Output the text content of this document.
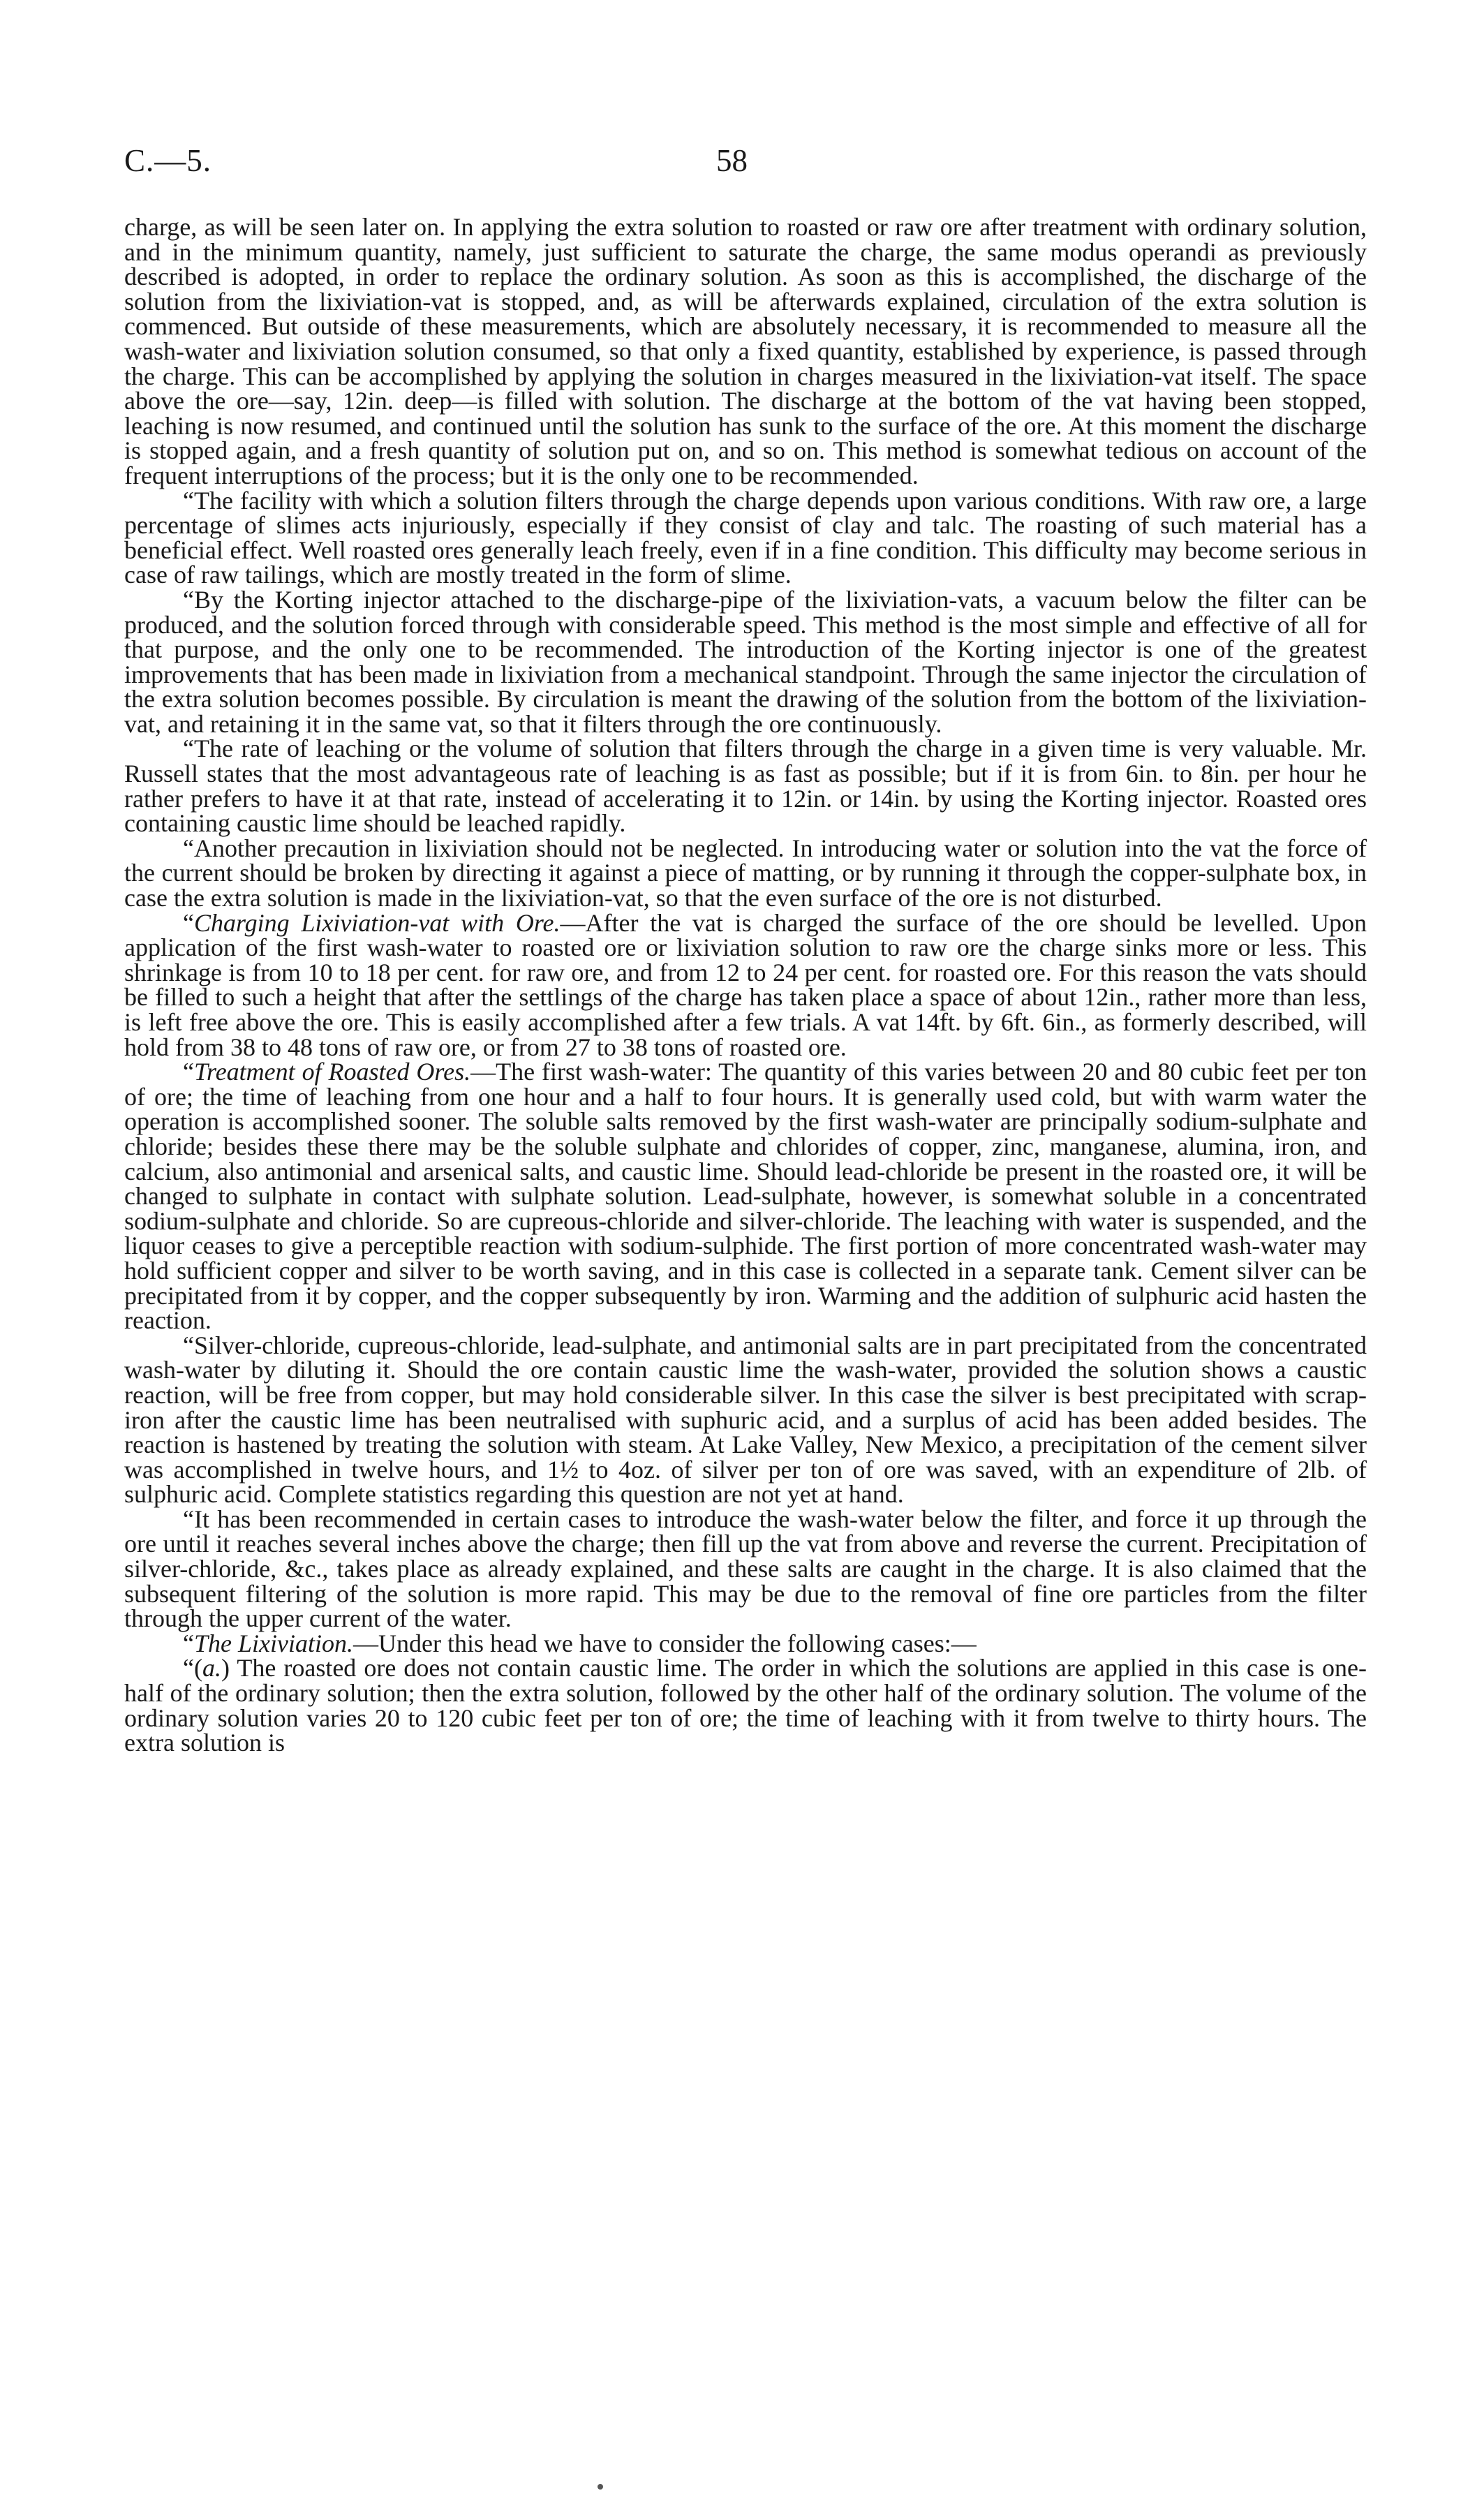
C.—5.	58

charge, as will be seen later on. In applying the extra solution to roasted or raw ore after treatment with ordinary solution, and in the minimum quantity, namely, just sufficient to saturate the charge, the same modus operandi as previously described is adopted, in order to replace the ordinary solution. As soon as this is accomplished, the discharge of the solution from the lixiviation-vat is stopped, and, as will be afterwards explained, circulation of the extra solution is commenced. But outside of these measurements, which are absolutely necessary, it is recommended to measure all the wash-water and lixiviation solution consumed, so that only a fixed quantity, established by experience, is passed through the charge. This can be accomplished by applying the solution in charges measured in the lixiviation-vat itself. The space above the ore—say, 12in. deep—is filled with solution. The discharge at the bottom of the vat having been stopped, leaching is now resumed, and continued until the solution has sunk to the surface of the ore. At this moment the discharge is stopped again, and a fresh quantity of solution put on, and so on. This method is somewhat tedious on account of the frequent interruptions of the process; but it is the only one to be recommended.

“The facility with which a solution filters through the charge depends upon various conditions. With raw ore, a large percentage of slimes acts injuriously, especially if they consist of clay and talc. The roasting of such material has a beneficial effect. Well roasted ores generally leach freely, even if in a fine condition. This difficulty may become serious in case of raw tailings, which are mostly treated in the form of slime.

“By the Korting injector attached to the discharge-pipe of the lixiviation-vats, a vacuum below the filter can be produced, and the solution forced through with considerable speed. This method is the most simple and effective of all for that purpose, and the only one to be recommended. The introduction of the Korting injector is one of the greatest improvements that has been made in lixiviation from a mechanical standpoint. Through the same injector the circulation of the extra solution becomes possible. By circulation is meant the drawing of the solution from the bottom of the lixiviation-vat, and retaining it in the same vat, so that it filters through the ore continuously.

“The rate of leaching or the volume of solution that filters through the charge in a given time is very valuable. Mr. Russell states that the most advantageous rate of leaching is as fast as possible; but if it is from 6in. to 8in. per hour he rather prefers to have it at that rate, instead of accelerating it to 12in. or 14in. by using the Korting injector. Roasted ores containing caustic lime should be leached rapidly.

“Another precaution in lixiviation should not be neglected. In introducing water or solution into the vat the force of the current should be broken by directing it against a piece of matting, or by running it through the copper-sulphate box, in case the extra solution is made in the lixiviation-vat, so that the even surface of the ore is not disturbed.

“Charging Lixiviation-vat with Ore.—After the vat is charged the surface of the ore should be levelled. Upon application of the first wash-water to roasted ore or lixiviation solution to raw ore the charge sinks more or less. This shrinkage is from 10 to 18 per cent. for raw ore, and from 12 to 24 per cent. for roasted ore. For this reason the vats should be filled to such a height that after the settlings of the charge has taken place a space of about 12in., rather more than less, is left free above the ore. This is easily accomplished after a few trials. A vat 14ft. by 6ft. 6in., as formerly described, will hold from 38 to 48 tons of raw ore, or from 27 to 38 tons of roasted ore.

“Treatment of Roasted Ores.—The first wash-water: The quantity of this varies between 20 and 80 cubic feet per ton of ore; the time of leaching from one hour and a half to four hours. It is generally used cold, but with warm water the operation is accomplished sooner. The soluble salts removed by the first wash-water are principally sodium-sulphate and chloride; besides these there may be the soluble sulphate and chlorides of copper, zinc, manganese, alumina, iron, and calcium, also antimonial and arsenical salts, and caustic lime. Should lead-chloride be present in the roasted ore, it will be changed to sulphate in contact with sulphate solution. Lead-sulphate, however, is somewhat soluble in a concentrated sodium-sulphate and chloride. So are cupreous-chloride and silver-chloride. The leaching with water is suspended, and the liquor ceases to give a perceptible reaction with sodium-sulphide. The first portion of more concentrated wash-water may hold sufficient copper and silver to be worth saving, and in this case is collected in a separate tank. Cement silver can be precipitated from it by copper, and the copper subsequently by iron. Warming and the addition of sulphuric acid hasten the reaction.

“Silver-chloride, cupreous-chloride, lead-sulphate, and antimonial salts are in part precipitated from the concentrated wash-water by diluting it. Should the ore contain caustic lime the wash-water, provided the solution shows a caustic reaction, will be free from copper, but may hold considerable silver. In this case the silver is best precipitated with scrap-iron after the caustic lime has been neutralised with suphuric acid, and a surplus of acid has been added besides. The reaction is hastened by treating the solution with steam. At Lake Valley, New Mexico, a precipitation of the cement silver was accomplished in twelve hours, and 1½ to 4oz. of silver per ton of ore was saved, with an expenditure of 2lb. of sulphuric acid. Complete statistics regarding this question are not yet at hand.

“It has been recommended in certain cases to introduce the wash-water below the filter, and force it up through the ore until it reaches several inches above the charge; then fill up the vat from above and reverse the current. Precipitation of silver-chloride, &c., takes place as already explained, and these salts are caught in the charge. It is also claimed that the subsequent filtering of the solution is more rapid. This may be due to the removal of fine ore particles from the filter through the upper current of the water.

“The Lixiviation.—Under this head we have to consider the following cases:—

“(a.) The roasted ore does not contain caustic lime. The order in which the solutions are applied in this case is one-half of the ordinary solution; then the extra solution, followed by the other half of the ordinary solution. The volume of the ordinary solution varies 20 to 120 cubic feet per ton of ore; the time of leaching with it from twelve to thirty hours. The extra solution is
